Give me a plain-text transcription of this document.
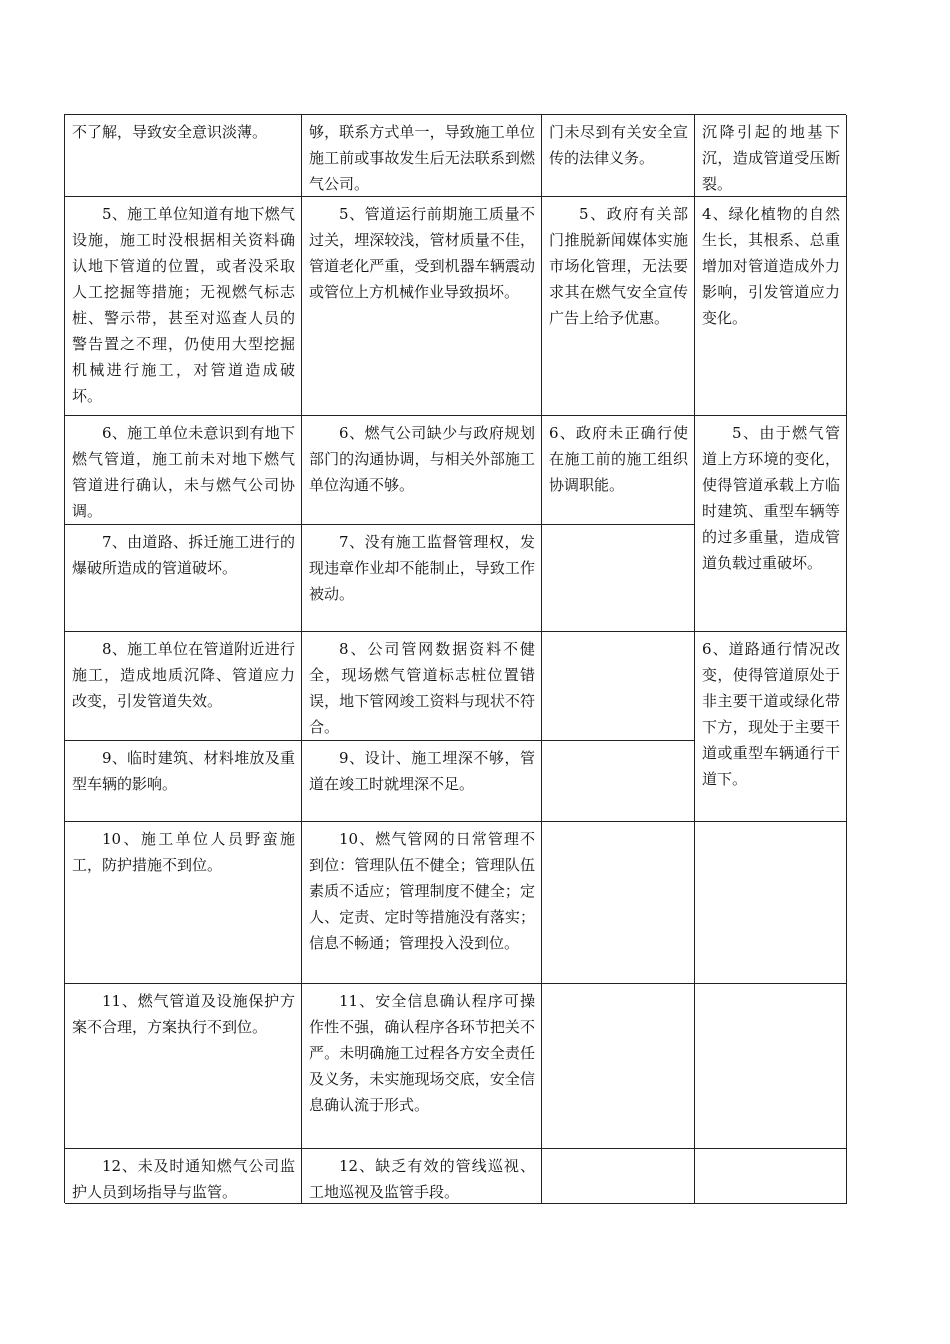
不了解，导致安全意识淡薄。
5、施工单位知道有地下燃气设施，施工时没根据相关资料确认地下管道的位置，或者没采取人工挖掘等措施；无视燃气标志桩、警示带，甚至对巡查人员的警告置之不理，仍使用大型挖掘机械进行施工，对管道造成破坏。
6、施工单位未意识到有地下燃气管道，施工前未对地下燃气管道进行确认，未与燃气公司协调。
7、由道路、拆迁施工进行的爆破所造成的管道破坏。
8、施工单位在管道附近进行施工，造成地质沉降、管道应力改变，引发管道失效。
9、临时建筑、材料堆放及重型车辆的影响。
10、施工单位人员野蛮施工，防护措施不到位。
11、燃气管道及设施保护方案不合理，方案执行不到位。
12、未及时通知燃气公司监护人员到场指导与监管。
够，联系方式单一，导致施工单位施工前或事故发生后无法联系到燃气公司。
5、管道运行前期施工质量不过关，埋深较浅，管材质量不佳，管道老化严重，受到机器车辆震动或管位上方机械作业导致损坏。
6、燃气公司缺少与政府规划部门的沟通协调，与相关外部施工单位沟通不够。
7、没有施工监督管理权，发现违章作业却不能制止，导致工作被动。
8、公司管网数据资料不健全，现场燃气管道标志桩位置错误，地下管网竣工资料与现状不符合。
9、设计、施工埋深不够，管道在竣工时就埋深不足。
10、燃气管网的日常管理不到位：管理队伍不健全；管理队伍素质不适应；管理制度不健全；定人、定责、定时等措施没有落实；信息不畅通；管理投入没到位。
11、安全信息确认程序可操作性不强，确认程序各环节把关不严。未明确施工过程各方安全责任及义务，未实施现场交底，安全信息确认流于形式。
12、缺乏有效的管线巡视、工地巡视及监管手段。
门未尽到有关安全宣传的法律义务。
5、政府有关部门推脱新闻媒体实施市场化管理，无法要求其在燃气安全宣传广告上给予优惠。
6、政府未正确行使在施工前的施工组织协调职能。
沉降引起的地基下沉，造成管道受压断裂。
4、绿化植物的自然生长，其根系、总重增加对管道造成外力影响，引发管道应力变化。
5、由于燃气管道上方环境的变化，使得管道承载上方临时建筑、重型车辆等的过多重量，造成管道负载过重破坏。
6、道路通行情况改变，使得管道原处于非主要干道或绿化带下方，现处于主要干道或重型车辆通行干道下。
